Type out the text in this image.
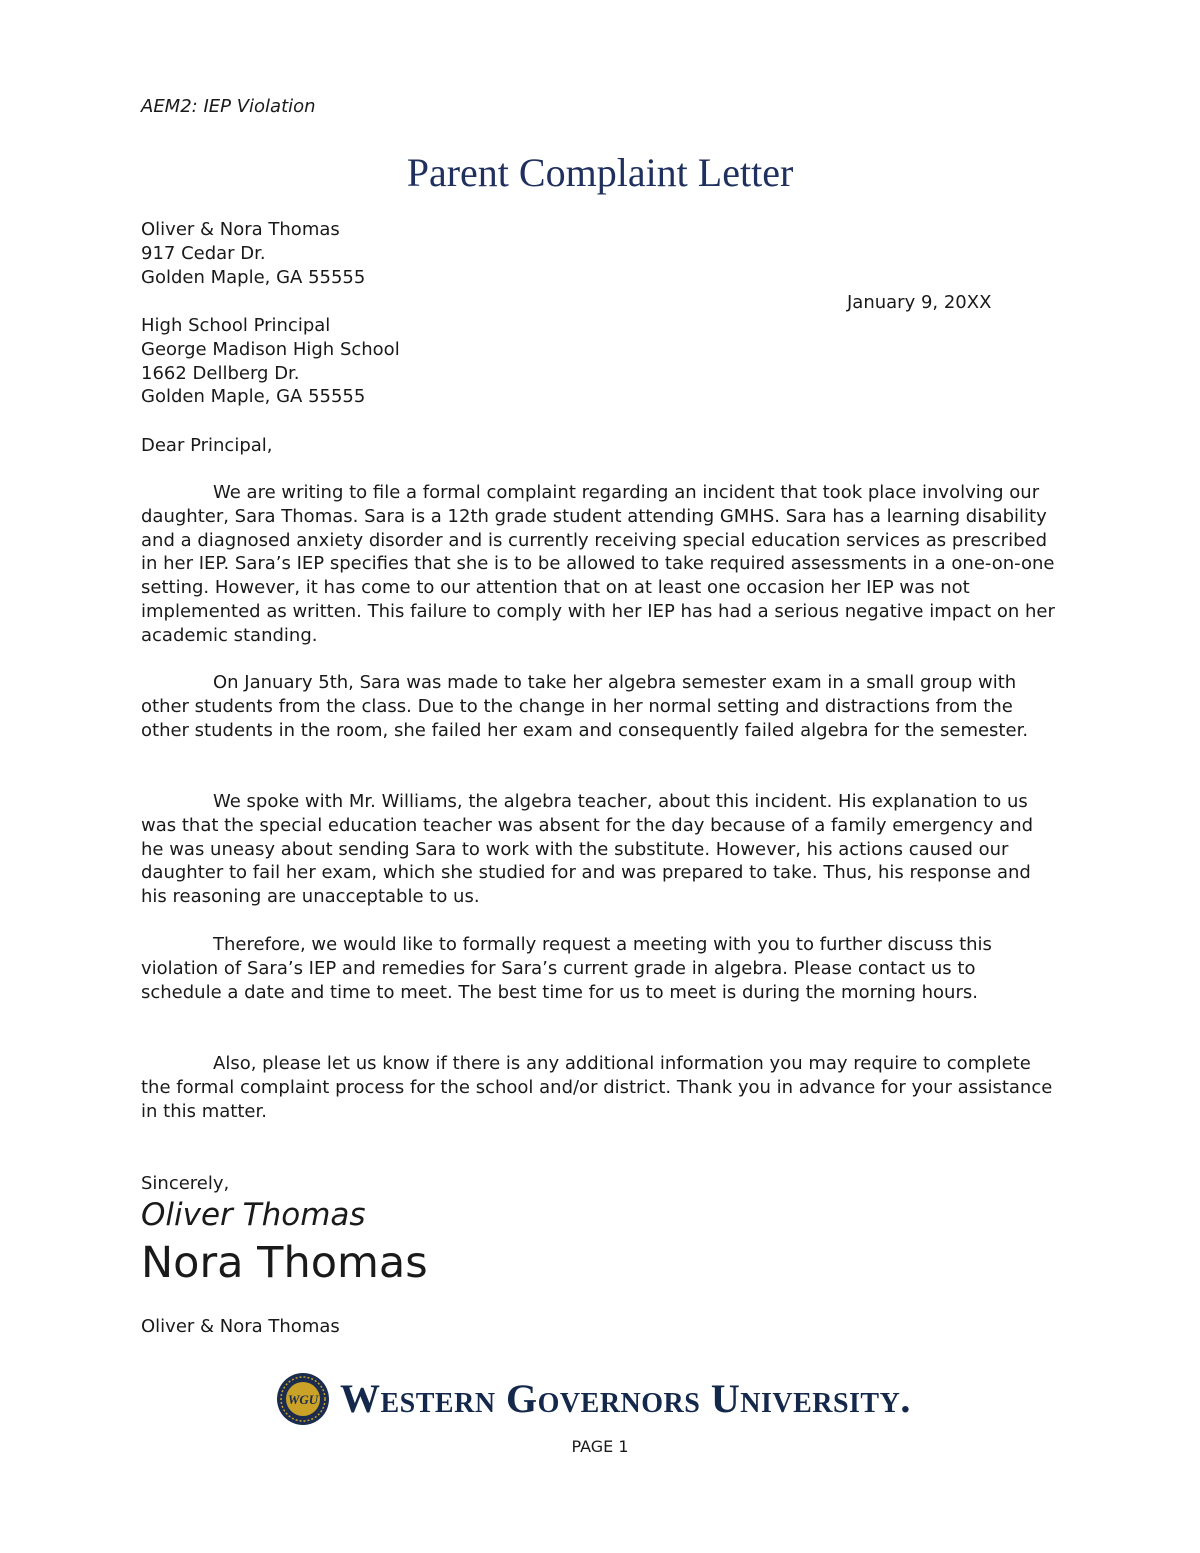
AEM2: IEP Violation

Parent Complaint Letter
Oliver & Nora Thomas
917 Cedar Dr.
Golden Maple, GA 55555

January 9, 20XX

High School Principal
George Madison High School
1662 Dellberg Dr.
Golden Maple, GA 55555

Dear Principal,

We are writing to file a formal complaint regarding an incident that took place involving our daughter, Sara Thomas. Sara is a 12th grade student attending GMHS. Sara has a learning disability and a diagnosed anxiety disorder and is currently receiving special education services as prescribed in her IEP. Sara’s IEP specifies that she is to be allowed to take required assessments in a one-on-one setting. However, it has come to our attention that on at least one occasion her IEP was not implemented as written. This failure to comply with her IEP has had a serious negative impact on her academic standing.

On January 5th, Sara was made to take her algebra semester exam in a small group with other students from the class. Due to the change in her normal setting and distractions from the other students in the room, she failed her exam and consequently failed algebra for the semester.

We spoke with Mr. Williams, the algebra teacher, about this incident. His explanation to us was that the special education teacher was absent for the day because of a family emergency and he was uneasy about sending Sara to work with the substitute. However, his actions caused our daughter to fail her exam, which she studied for and was prepared to take. Thus, his response and his reasoning are unacceptable to us.

Therefore, we would like to formally request a meeting with you to further discuss this violation of Sara’s IEP and remedies for Sara’s current grade in algebra. Please contact us to schedule a date and time to meet. The best time for us to meet is during the morning hours.

Also, please let us know if there is any additional information you may require to complete the formal complaint process for the school and/or district. Thank you in advance for your assistance in this matter.

Sincerely,

Oliver Thomas

Nora Thomas

Oliver & Nora Thomas

WGU Western Governors University.

PAGE 1
